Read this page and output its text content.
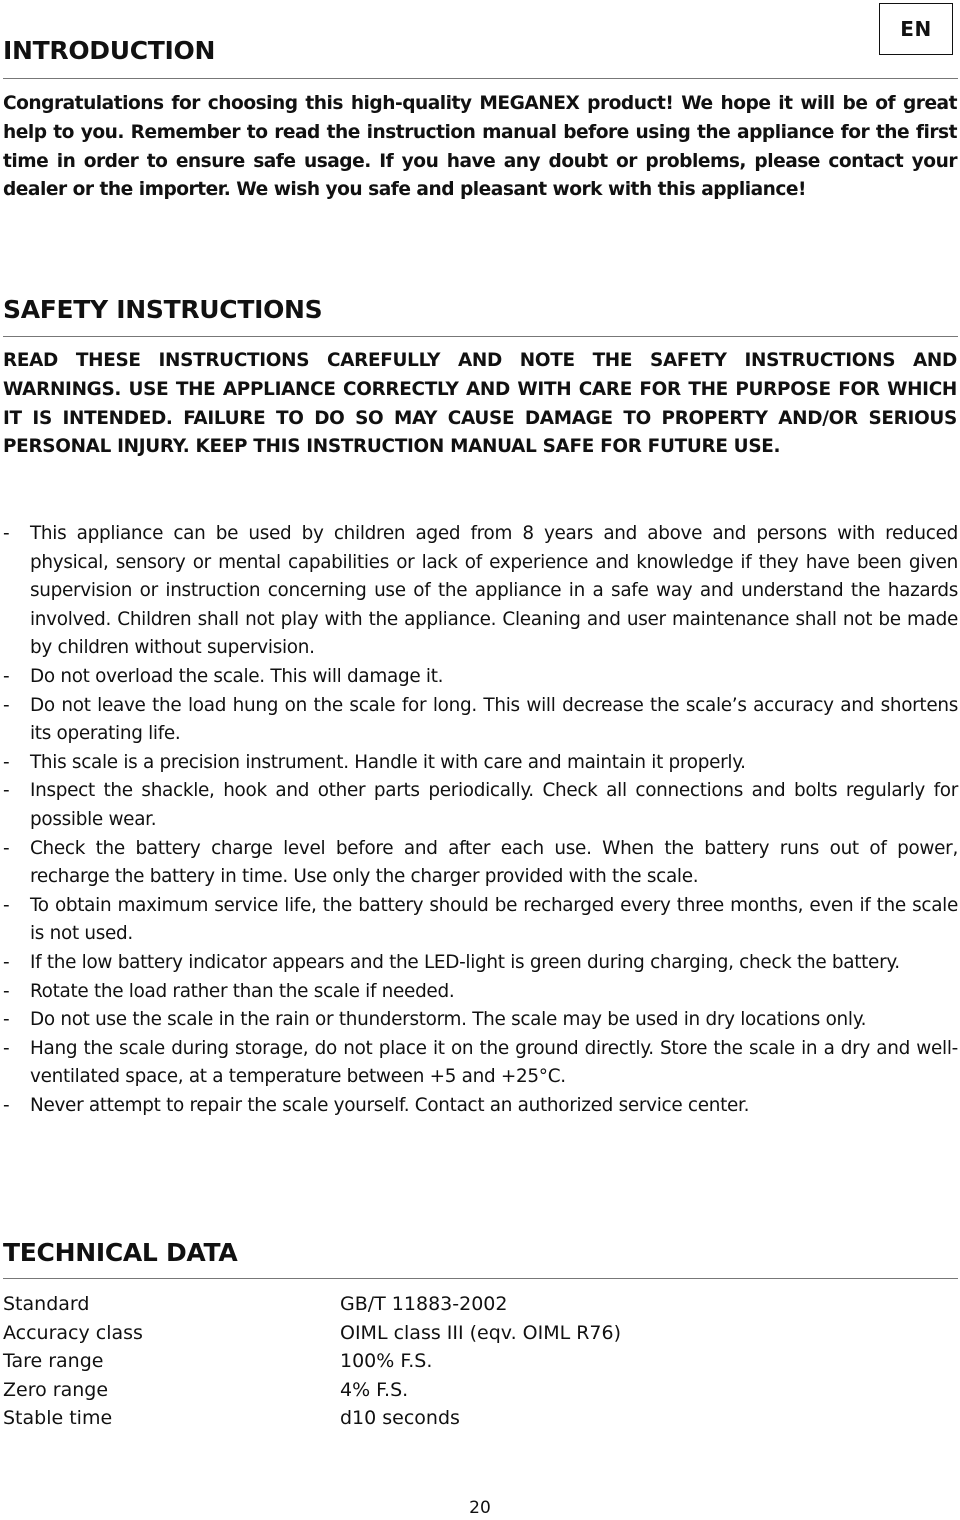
EN
INTRODUCTION

Congratulations for choosing this high-quality MEGANEX product! We hope it will be of great help to you. Remember to read the instruction manual before using the appliance for the first time in order to ensure safe usage. If you have any doubt or problems, please contact your dealer or the importer. We wish you safe and pleasant work with this appliance!

SAFETY INSTRUCTIONS

READ THESE INSTRUCTIONS CAREFULLY AND NOTE THE SAFETY INSTRUCTIONS AND WARNINGS. USE THE APPLIANCE CORRECTLY AND WITH CARE FOR THE PURPOSE FOR WHICH IT IS INTENDED. FAILURE TO DO SO MAY CAUSE DAMAGE TO PROPERTY AND/OR SERIOUS PERSONAL INJURY. KEEP THIS INSTRUCTION MANUAL SAFE FOR FUTURE USE.

- This appliance can be used by children aged from 8 years and above and persons with reduced physical, sensory or mental capabilities or lack of experience and knowledge if they have been given supervision or instruction concerning use of the appliance in a safe way and understand the hazards involved. Children shall not play with the appliance. Cleaning and user maintenance shall not be made by children without supervision.
- Do not overload the scale. This will damage it.
- Do not leave the load hung on the scale for long. This will decrease the scale’s accuracy and shortens its operating life.
- This scale is a precision instrument. Handle it with care and maintain it properly.
- Inspect the shackle, hook and other parts periodically. Check all connections and bolts regularly for possible wear.
- Check the battery charge level before and after each use. When the battery runs out of power, recharge the battery in time. Use only the charger provided with the scale.
- To obtain maximum service life, the battery should be recharged every three months, even if the scale is not used.
- If the low battery indicator appears and the LED-light is green during charging, check the battery.
- Rotate the load rather than the scale if needed.
- Do not use the scale in the rain or thunderstorm. The scale may be used in dry locations only.
- Hang the scale during storage, do not place it on the ground directly. Store the scale in a dry and well-ventilated space, at a temperature between +5 and +25°C.
- Never attempt to repair the scale yourself. Contact an authorized service center.
TECHNICAL DATA
Standard	GB/T 11883-2002
Accuracy class	OIML class III (eqv. OIML R76)
Tare range	100% F.S.
Zero range	4% F.S.
Stable time	d10 seconds
20
